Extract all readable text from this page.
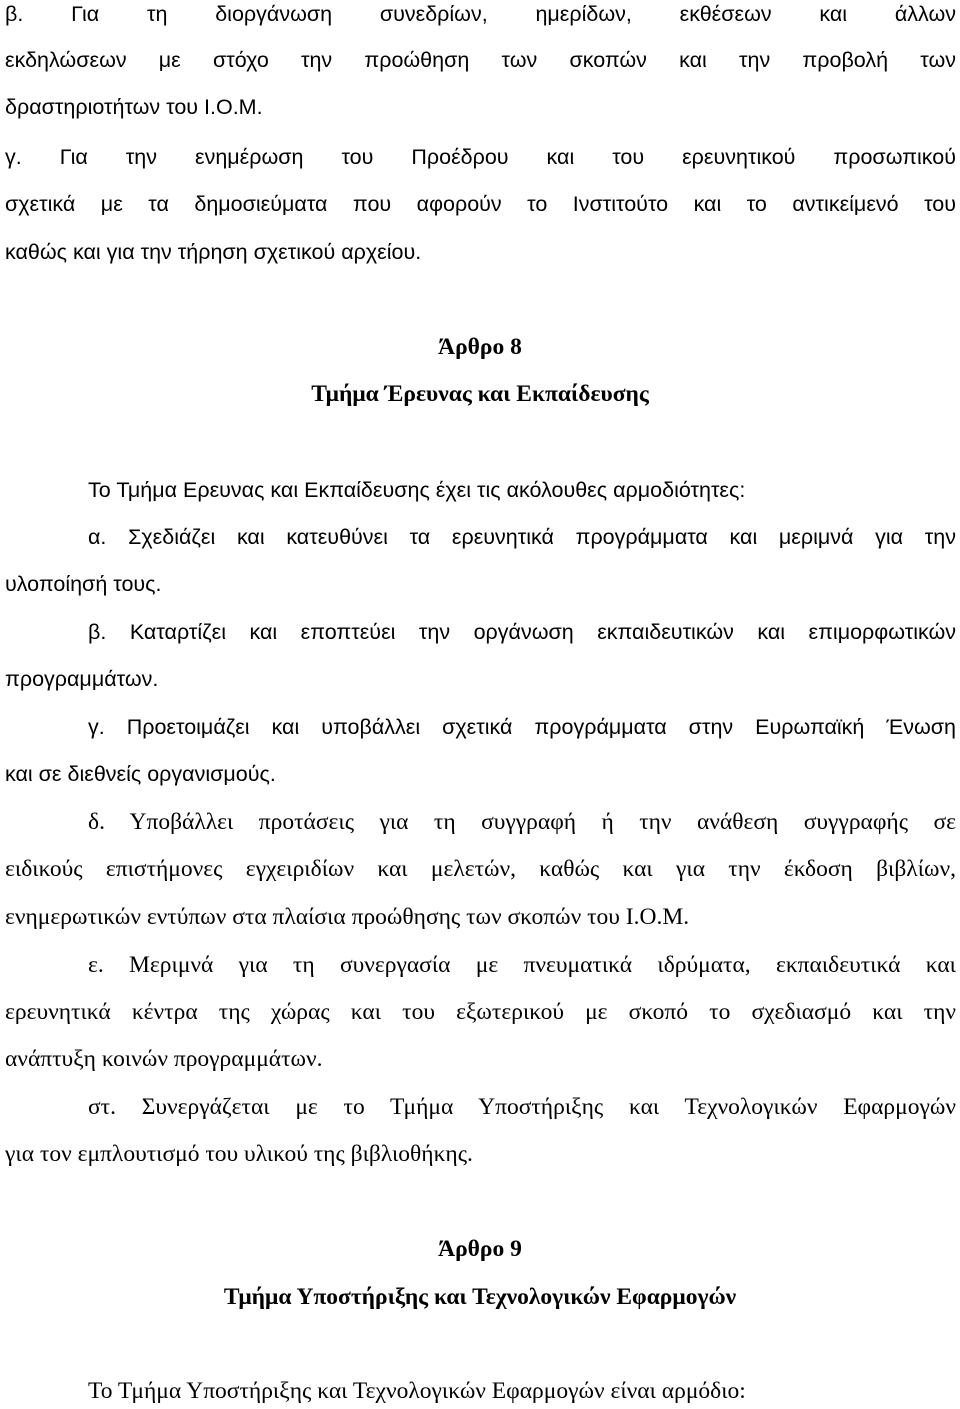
β. Για τη διοργάνωση συνεδρίων, ημερίδων, εκθέσεων και άλλων
εκδηλώσεων με στόχο την προώθηση των σκοπών και την προβολή των
δραστηριοτήτων του Ι.Ο.Μ.
γ. Για την ενημέρωση του Προέδρου και του ερευνητικού προσωπικού
σχετικά με τα δημοσιεύματα που αφορούν το Ινστιτούτο και το αντικείμενό του
καθώς και για την τήρηση σχετικού αρχείου.
Άρθρο 8
Τμήμα Έρευνας και Εκπαίδευσης
Το Τμήμα Ερευνας και Εκπαίδευσης έχει τις ακόλουθες αρμοδιότητες:
α. Σχεδιάζει και κατευθύνει τα ερευνητικά προγράμματα και μεριμνά για την
υλοποίησή τους.
β. Καταρτίζει και εποπτεύει την οργάνωση εκπαιδευτικών και επιμορφωτικών
προγραμμάτων.
γ. Προετοιμάζει και υποβάλλει σχετικά προγράμματα στην Ευρωπαϊκή Ένωση
και σε διεθνείς οργανισμούς.
δ. Υποβάλλει προτάσεις για τη συγγραφή ή την ανάθεση συγγραφής σε
ειδικούς επιστήμονες εγχειριδίων και μελετών, καθώς και για την έκδοση βιβλίων,
ενημερωτικών εντύπων στα πλαίσια προώθησης των σκοπών του Ι.Ο.Μ.
ε. Μεριμνά για τη συνεργασία με πνευματικά ιδρύματα, εκπαιδευτικά και
ερευνητικά κέντρα της χώρας και του εξωτερικού με σκοπό το σχεδιασμό και την
ανάπτυξη κοινών προγραμμάτων.
στ. Συνεργάζεται με το Τμήμα Υποστήριξης και Τεχνολογικών Εφαρμογών
για τον εμπλουτισμό του υλικού της βιβλιοθήκης.
Άρθρο 9
Τμήμα Υποστήριξης και Τεχνολογικών Εφαρμογών
Το Τμήμα Υποστήριξης και Τεχνολογικών Εφαρμογών είναι αρμόδιο:
